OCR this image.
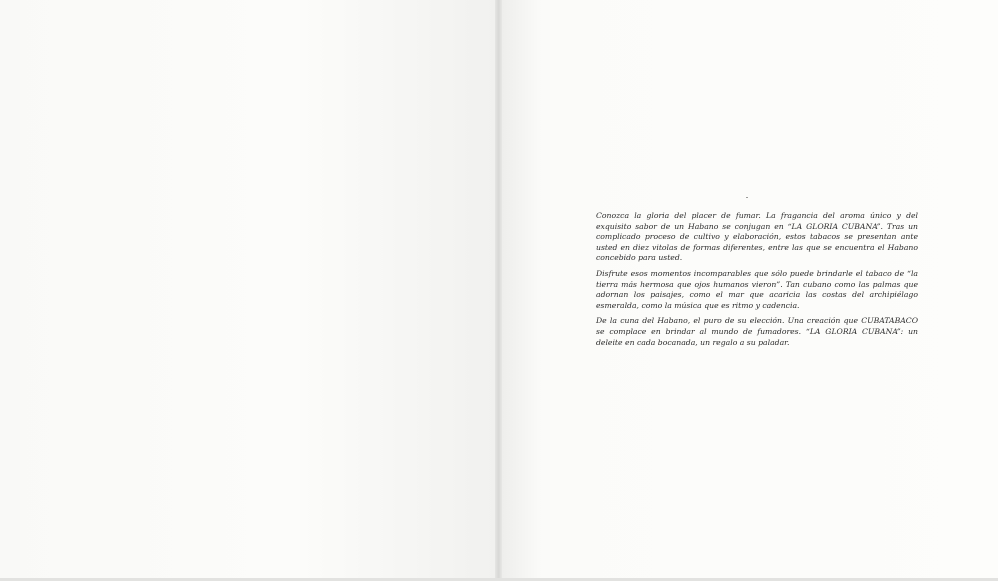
Conozca la gloria del placer de fumar. La fragancia del aroma único y del exquisito sabor de un Habano se conjugan en “LA GLORIA CUBANA”. Tras un complicado proceso de cultivo y elaboración, estos tabacos se presentan ante usted en diez vitolas de formas diferentes, entre las que se encuentra el Habano concebido para usted.

Disfrute esos momentos incomparables que sólo puede brindarle el tabaco de “la tierra más hermosa que ojos humanos vieron”. Tan cubano como las palmas que adornan los paisajes, como el mar que acaricia las costas del archipiélago esmeralda, como la música que es ritmo y cadencia.

De la cuna del Habano, el puro de su elección. Una creación que CUBATABACO se complace en brindar al mundo de fumadores. “LA GLORIA CUBANA”: un deleite en cada bocanada, un regalo a su paladar.
